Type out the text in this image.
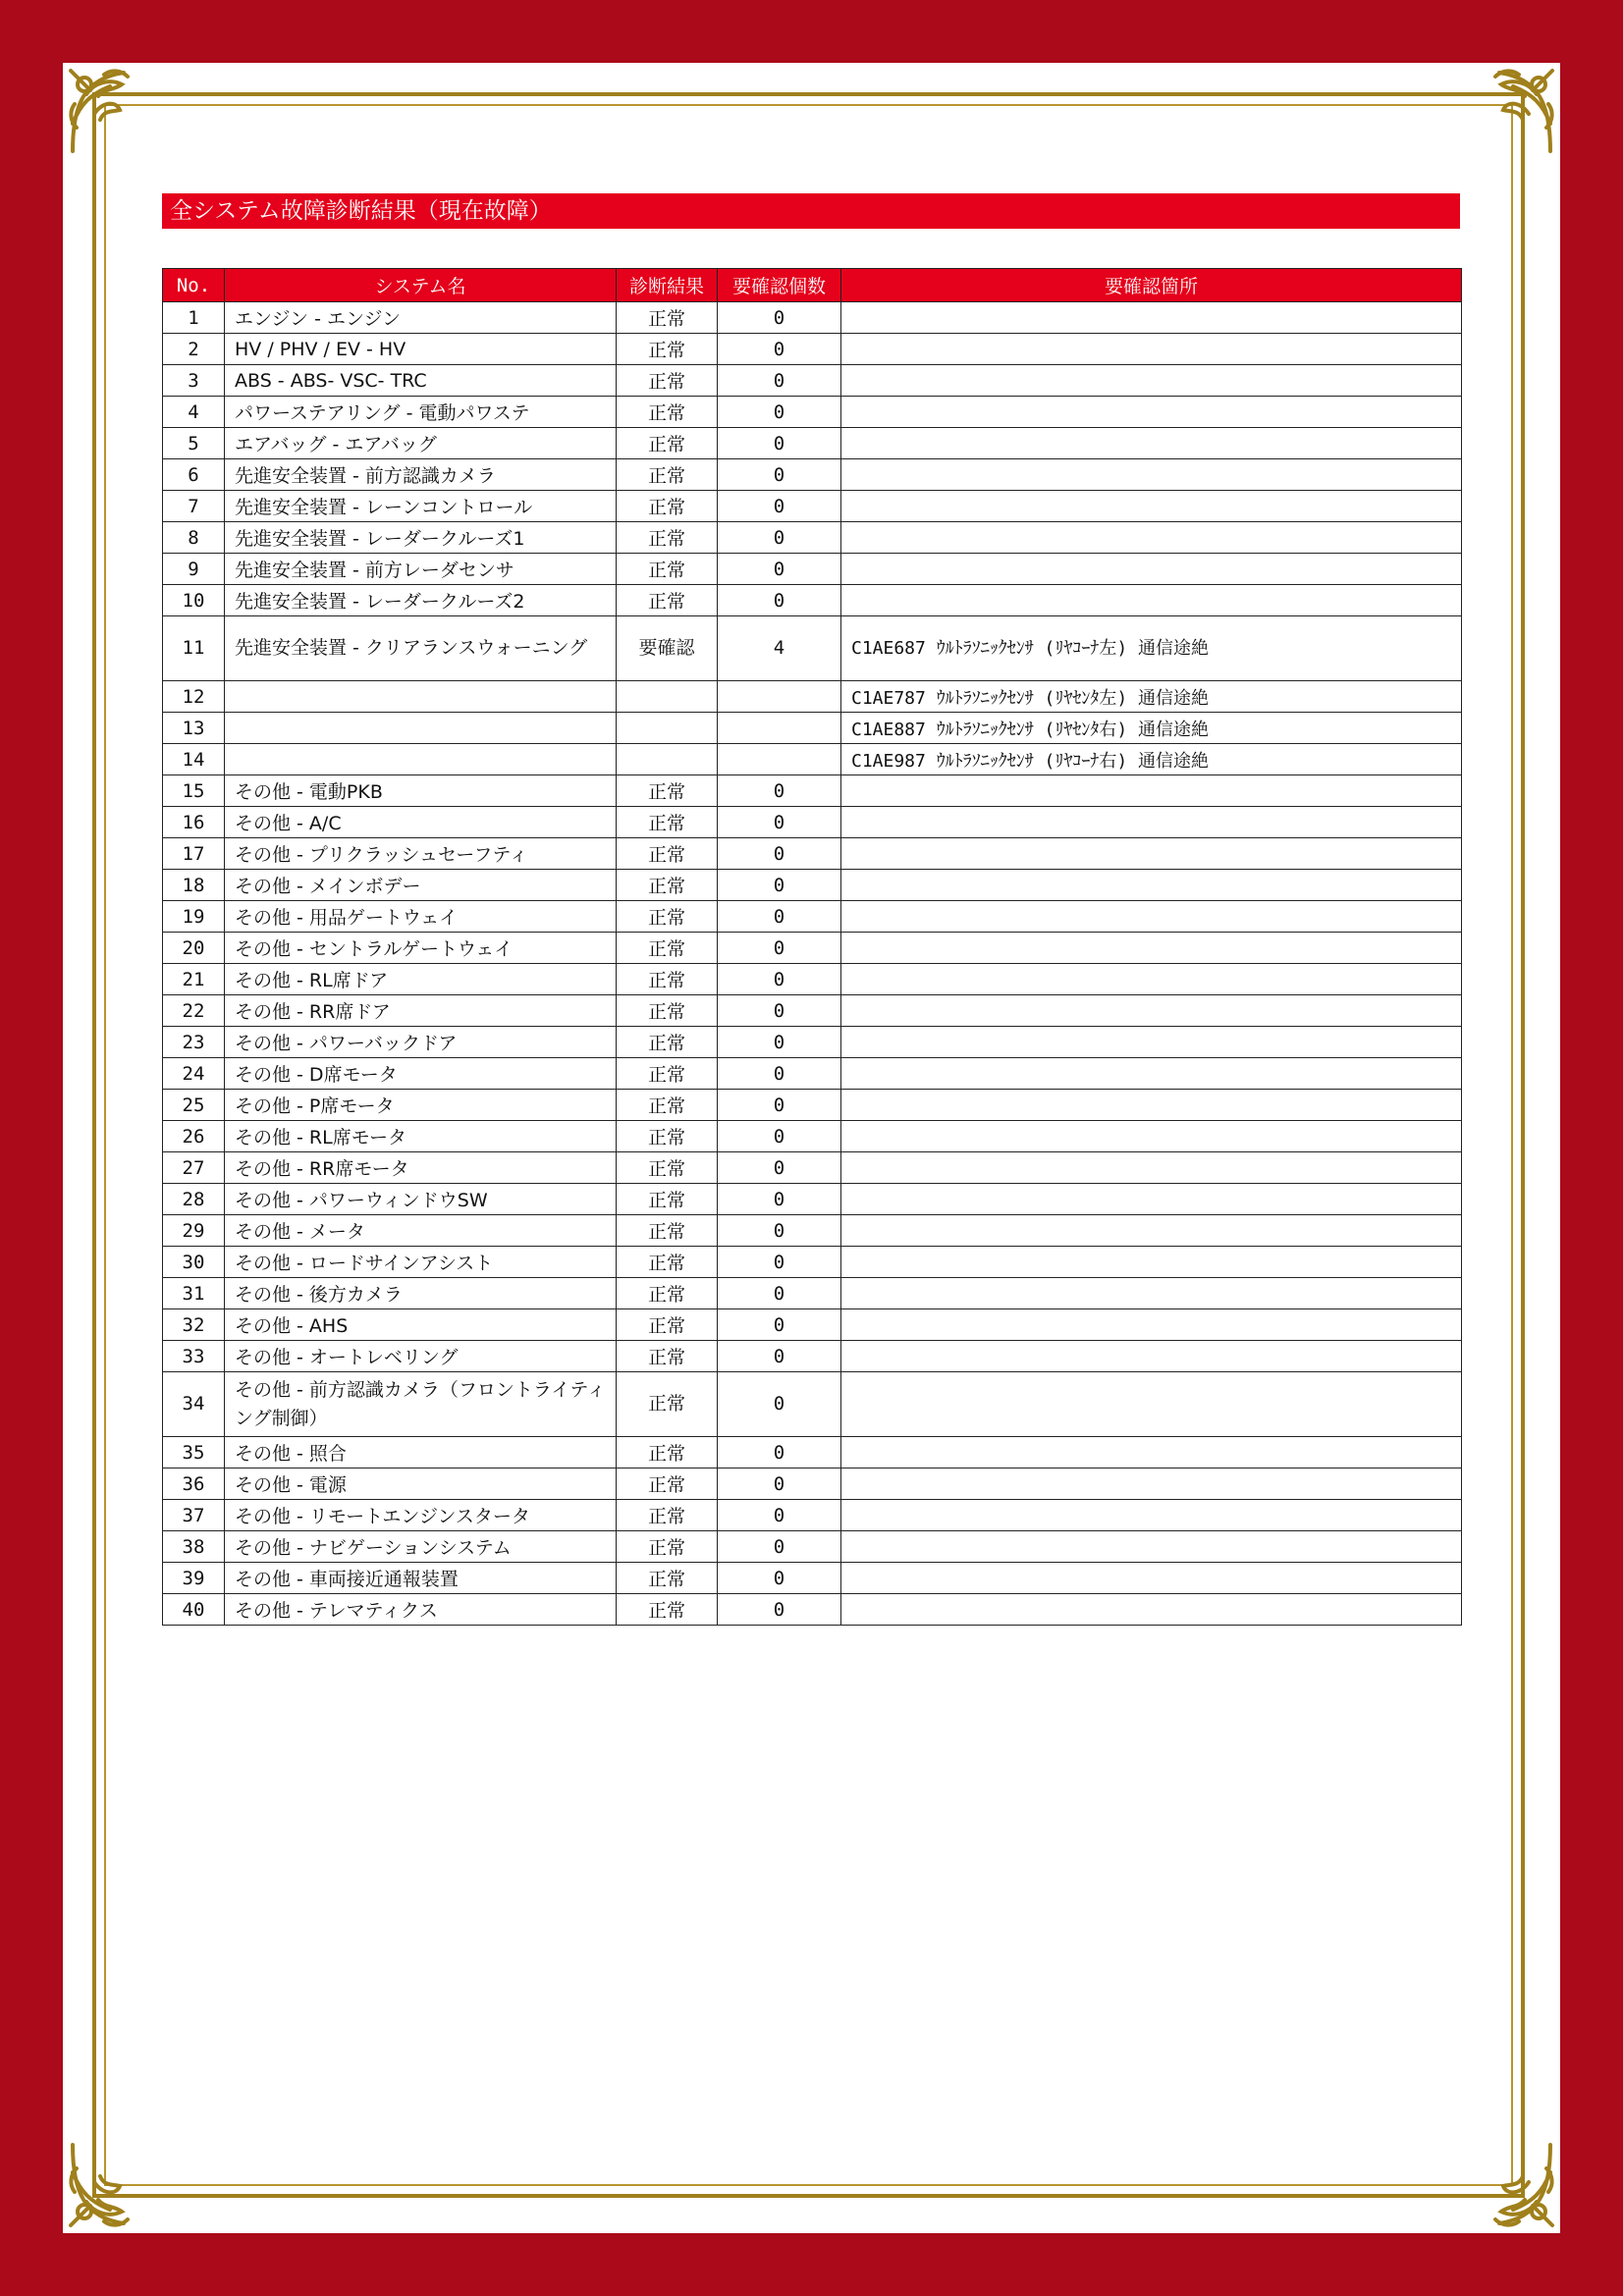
全システム故障診断結果（現在故障）
No.	システム名	診断結果	要確認個数	要確認箇所
1	エンジン - エンジン	正常	0	
2	HV / PHV / EV - HV	正常	0	
3	ABS - ABS- VSC- TRC	正常	0	
4	パワーステアリング - 電動パワステ	正常	0	
5	エアバッグ - エアバッグ	正常	0	
6	先進安全装置 - 前方認識カメラ	正常	0	
7	先進安全装置 - レーンコントロール	正常	0	
8	先進安全装置 - レーダークルーズ1	正常	0	
9	先進安全装置 - 前方レーダセンサ	正常	0	
10	先進安全装置 - レーダークルーズ2	正常	0	
11	先進安全装置 - クリアランスウォーニング	要確認	4	C1AE687 ｳﾙﾄﾗｿﾆｯｸｾﾝｻ (ﾘﾔｺｰﾅ左) 通信途絶
12				C1AE787 ｳﾙﾄﾗｿﾆｯｸｾﾝｻ (ﾘﾔｾﾝﾀ左) 通信途絶
13				C1AE887 ｳﾙﾄﾗｿﾆｯｸｾﾝｻ (ﾘﾔｾﾝﾀ右) 通信途絶
14				C1AE987 ｳﾙﾄﾗｿﾆｯｸｾﾝｻ (ﾘﾔｺｰﾅ右) 通信途絶
15	その他 - 電動PKB	正常	0	
16	その他 - A/C	正常	0	
17	その他 - プリクラッシュセーフティ	正常	0	
18	その他 - メインボデー	正常	0	
19	その他 - 用品ゲートウェイ	正常	0	
20	その他 - セントラルゲートウェイ	正常	0	
21	その他 - RL席ドア	正常	0	
22	その他 - RR席ドア	正常	0	
23	その他 - パワーバックドア	正常	0	
24	その他 - D席モータ	正常	0	
25	その他 - P席モータ	正常	0	
26	その他 - RL席モータ	正常	0	
27	その他 - RR席モータ	正常	0	
28	その他 - パワーウィンドウSW	正常	0	
29	その他 - メータ	正常	0	
30	その他 - ロードサインアシスト	正常	0	
31	その他 - 後方カメラ	正常	0	
32	その他 - AHS	正常	0	
33	その他 - オートレベリング	正常	0	
34	その他 - 前方認識カメラ（フロントライティング制御）	正常	0	
35	その他 - 照合	正常	0	
36	その他 - 電源	正常	0	
37	その他 - リモートエンジンスタータ	正常	0	
38	その他 - ナビゲーションシステム	正常	0	
39	その他 - 車両接近通報装置	正常	0	
40	その他 - テレマティクス	正常	0	
